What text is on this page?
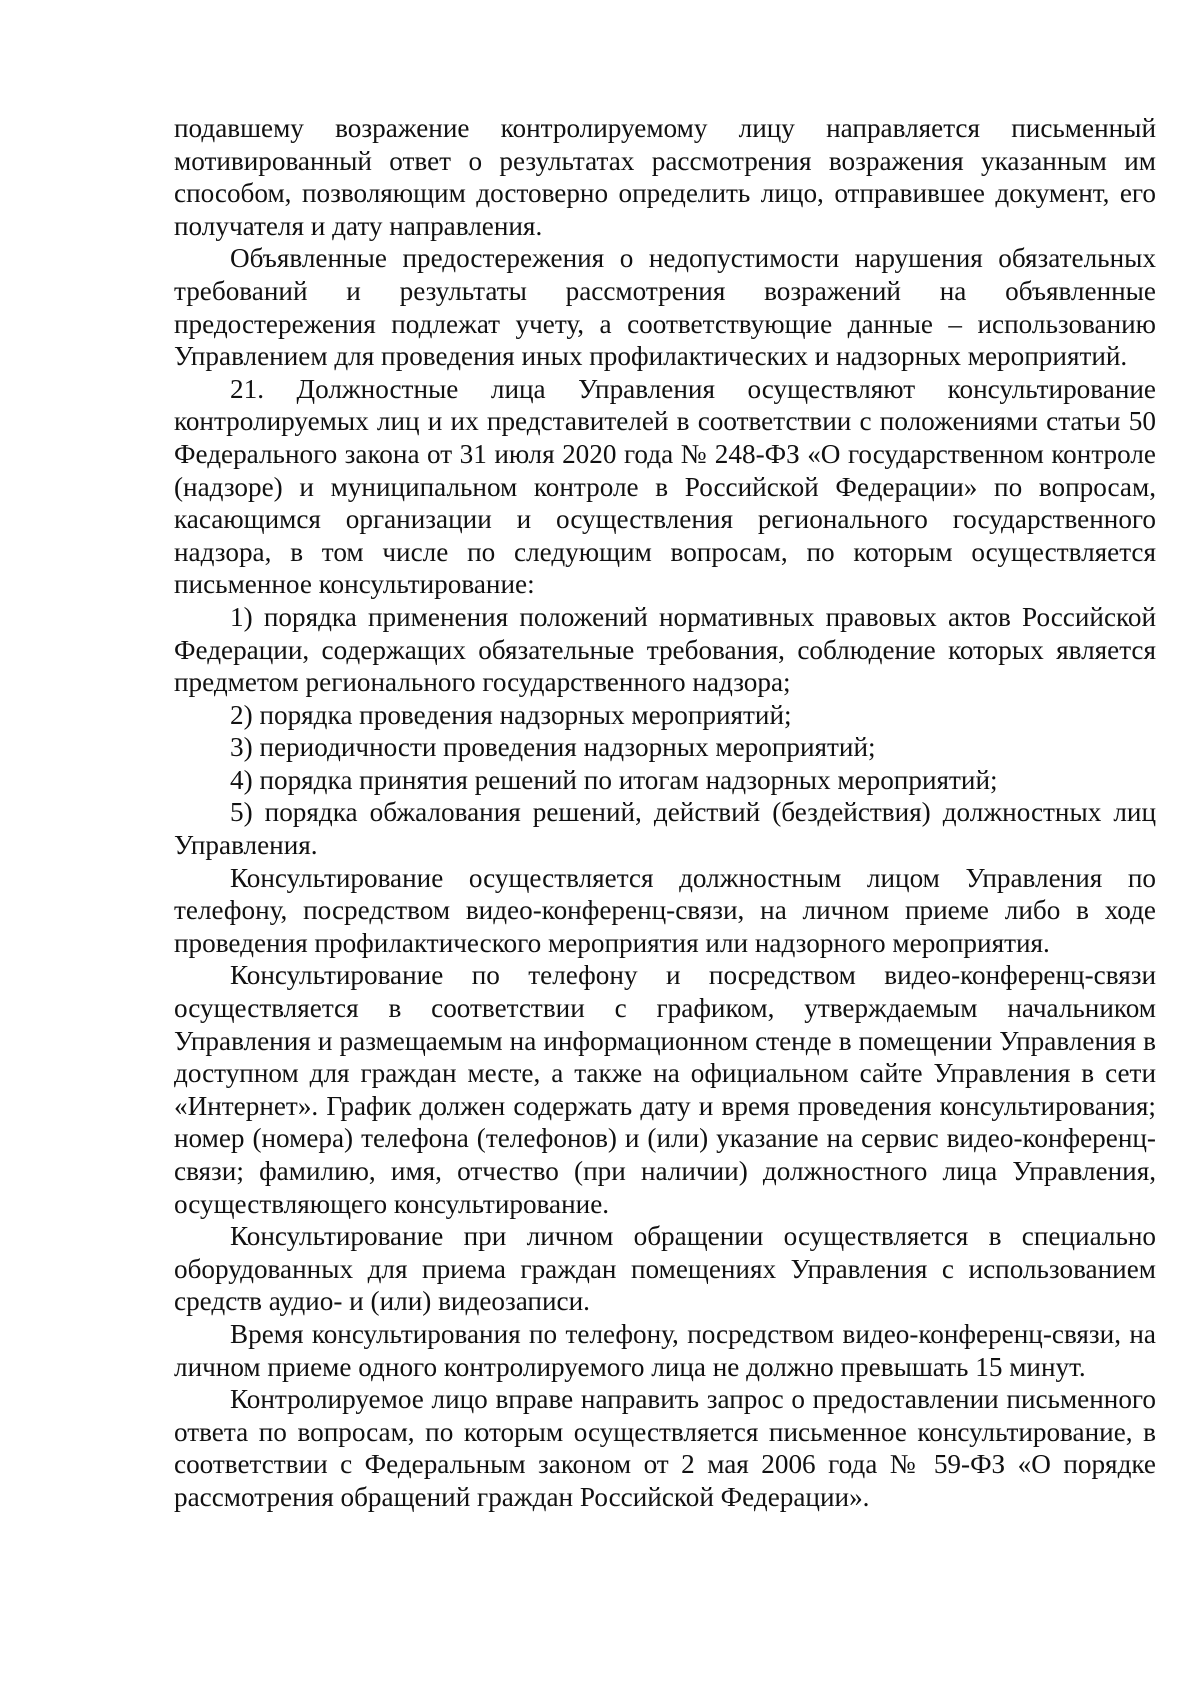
подавшему возражение контролируемому лицу направляется письменный мотивированный ответ о результатах рассмотрения возражения указанным им способом, позволяющим достоверно определить лицо, отправившее документ, его получателя и дату направления.

Объявленные предостережения о недопустимости нарушения обязательных требований и результаты рассмотрения возражений на объявленные предостережения подлежат учету, а соответствующие данные – использованию Управлением для проведения иных профилактических и надзорных мероприятий.

21. Должностные лица Управления осуществляют консультирование контролируемых лиц и их представителей в соответствии с положениями статьи 50 Федерального закона от 31 июля 2020 года № 248-ФЗ «О государственном контроле (надзоре) и муниципальном контроле в Российской Федерации» по вопросам, касающимся организации и осуществления регионального государственного надзора, в том числе по следующим вопросам, по которым осуществляется письменное консультирование:

1) порядка применения положений нормативных правовых актов Российской Федерации, содержащих обязательные требования, соблюдение которых является предметом регионального государственного надзора;

2) порядка проведения надзорных мероприятий;

3) периодичности проведения надзорных мероприятий;

4) порядка принятия решений по итогам надзорных мероприятий;

5) порядка обжалования решений, действий (бездействия) должностных лиц Управления.

Консультирование осуществляется должностным лицом Управления по телефону, посредством видео-конференц-связи, на личном приеме либо в ходе проведения профилактического мероприятия или надзорного мероприятия.

Консультирование по телефону и посредством видео-конференц-связи осуществляется в соответствии с графиком, утверждаемым начальником Управления и размещаемым на информационном стенде в помещении Управления в доступном для граждан месте, а также на официальном сайте Управления в сети «Интернет». График должен содержать дату и время проведения консультирования; номер (номера) телефона (телефонов) и (или) указание на сервис видео-конференц-связи; фамилию, имя, отчество (при наличии) должностного лица Управления, осуществляющего консультирование.

Консультирование при личном обращении осуществляется в специально оборудованных для приема граждан помещениях Управления с использованием средств аудио- и (или) видеозаписи.

Время консультирования по телефону, посредством видео-конференц-связи, на личном приеме одного контролируемого лица не должно превышать 15 минут.

Контролируемое лицо вправе направить запрос о предоставлении письменного ответа по вопросам, по которым осуществляется письменное консультирование, в соответствии с Федеральным законом от 2 мая 2006 года № 59-ФЗ «О порядке рассмотрения обращений граждан Российской Федерации».
